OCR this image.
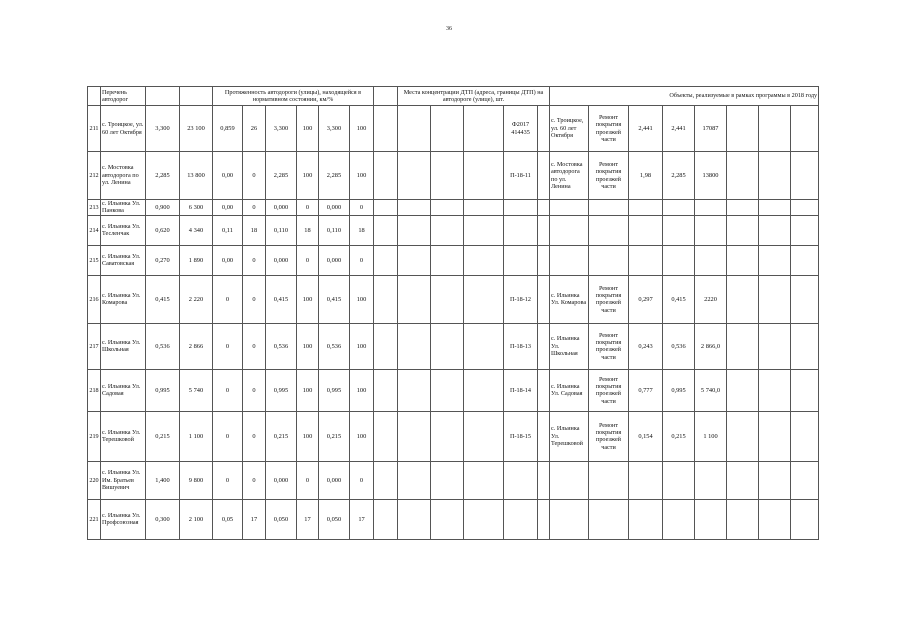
36
	Перечень автодорог			Протяженность автодороги (улицы), находящейся в нормативном состоянии, км/%							Места концентрации ДТП (адреса, границы ДТП) на автодороге (улице), шт.					Объекты, реализуемые в рамках программы в 2018 году							
211	с. Троицкое, ул. 60 лет Октября	3,300	23 100	0,859	26	3,300	100	3,300	100					Ф2017 414435		с. Троицкое, ул. 60 лет Октября	Ремонт покрытия проезжей части	2,441	2,441	17087			
212	с. Мостовка автодорога по ул. Ленина	2,285	13 800	0,00	0	2,285	100	2,285	100					П-18-11		с. Мостовка автодорога по ул. Ленина	Ремонт покрытия проезжей части	1,98	2,285	13800			
213	с. Ильинка Ул. Панкова	0,900	6 300	0,00	0	0,000	0	0,000	0														
214	с. Ильинка Ул. Тесленчак	0,620	4 340	0,11	18	0,110	18	0,110	18														
215	с. Ильинка Ул. Саватовская	0,270	1 890	0,00	0	0,000	0	0,000	0														
216	с. Ильинка Ул. Комарова	0,415	2 220	0	0	0,415	100	0,415	100					П-18-12		с. Ильинка Ул. Комарова	Ремонт покрытия проезжей части	0,297	0,415	2220			
217	с. Ильинка Ул. Школьная	0,536	2 866	0	0	0,536	100	0,536	100					П-18-13		с. Ильинка Ул. Школьная	Ремонт покрытия проезжей части	0,243	0,536	2 866,0			
218	с. Ильинка Ул. Садовая	0,995	5 740	0	0	0,995	100	0,995	100					П-18-14		с. Ильинка Ул. Садовая	Ремонт покрытия проезжей части	0,777	0,995	5 740,0			
219	с. Ильинка Ул. Терешковой	0,215	1 100	0	0	0,215	100	0,215	100					П-18-15		с. Ильинка Ул. Терешковой	Ремонт покрытия проезжей части	0,154	0,215	1 100			
220	с. Ильинка Ул. Им. Братьев Вишуевич	1,400	9 800	0	0	0,000	0	0,000	0														
221	с. Ильинка Ул. Профсоюзная	0,300	2 100	0,05	17	0,050	17	0,050	17														
